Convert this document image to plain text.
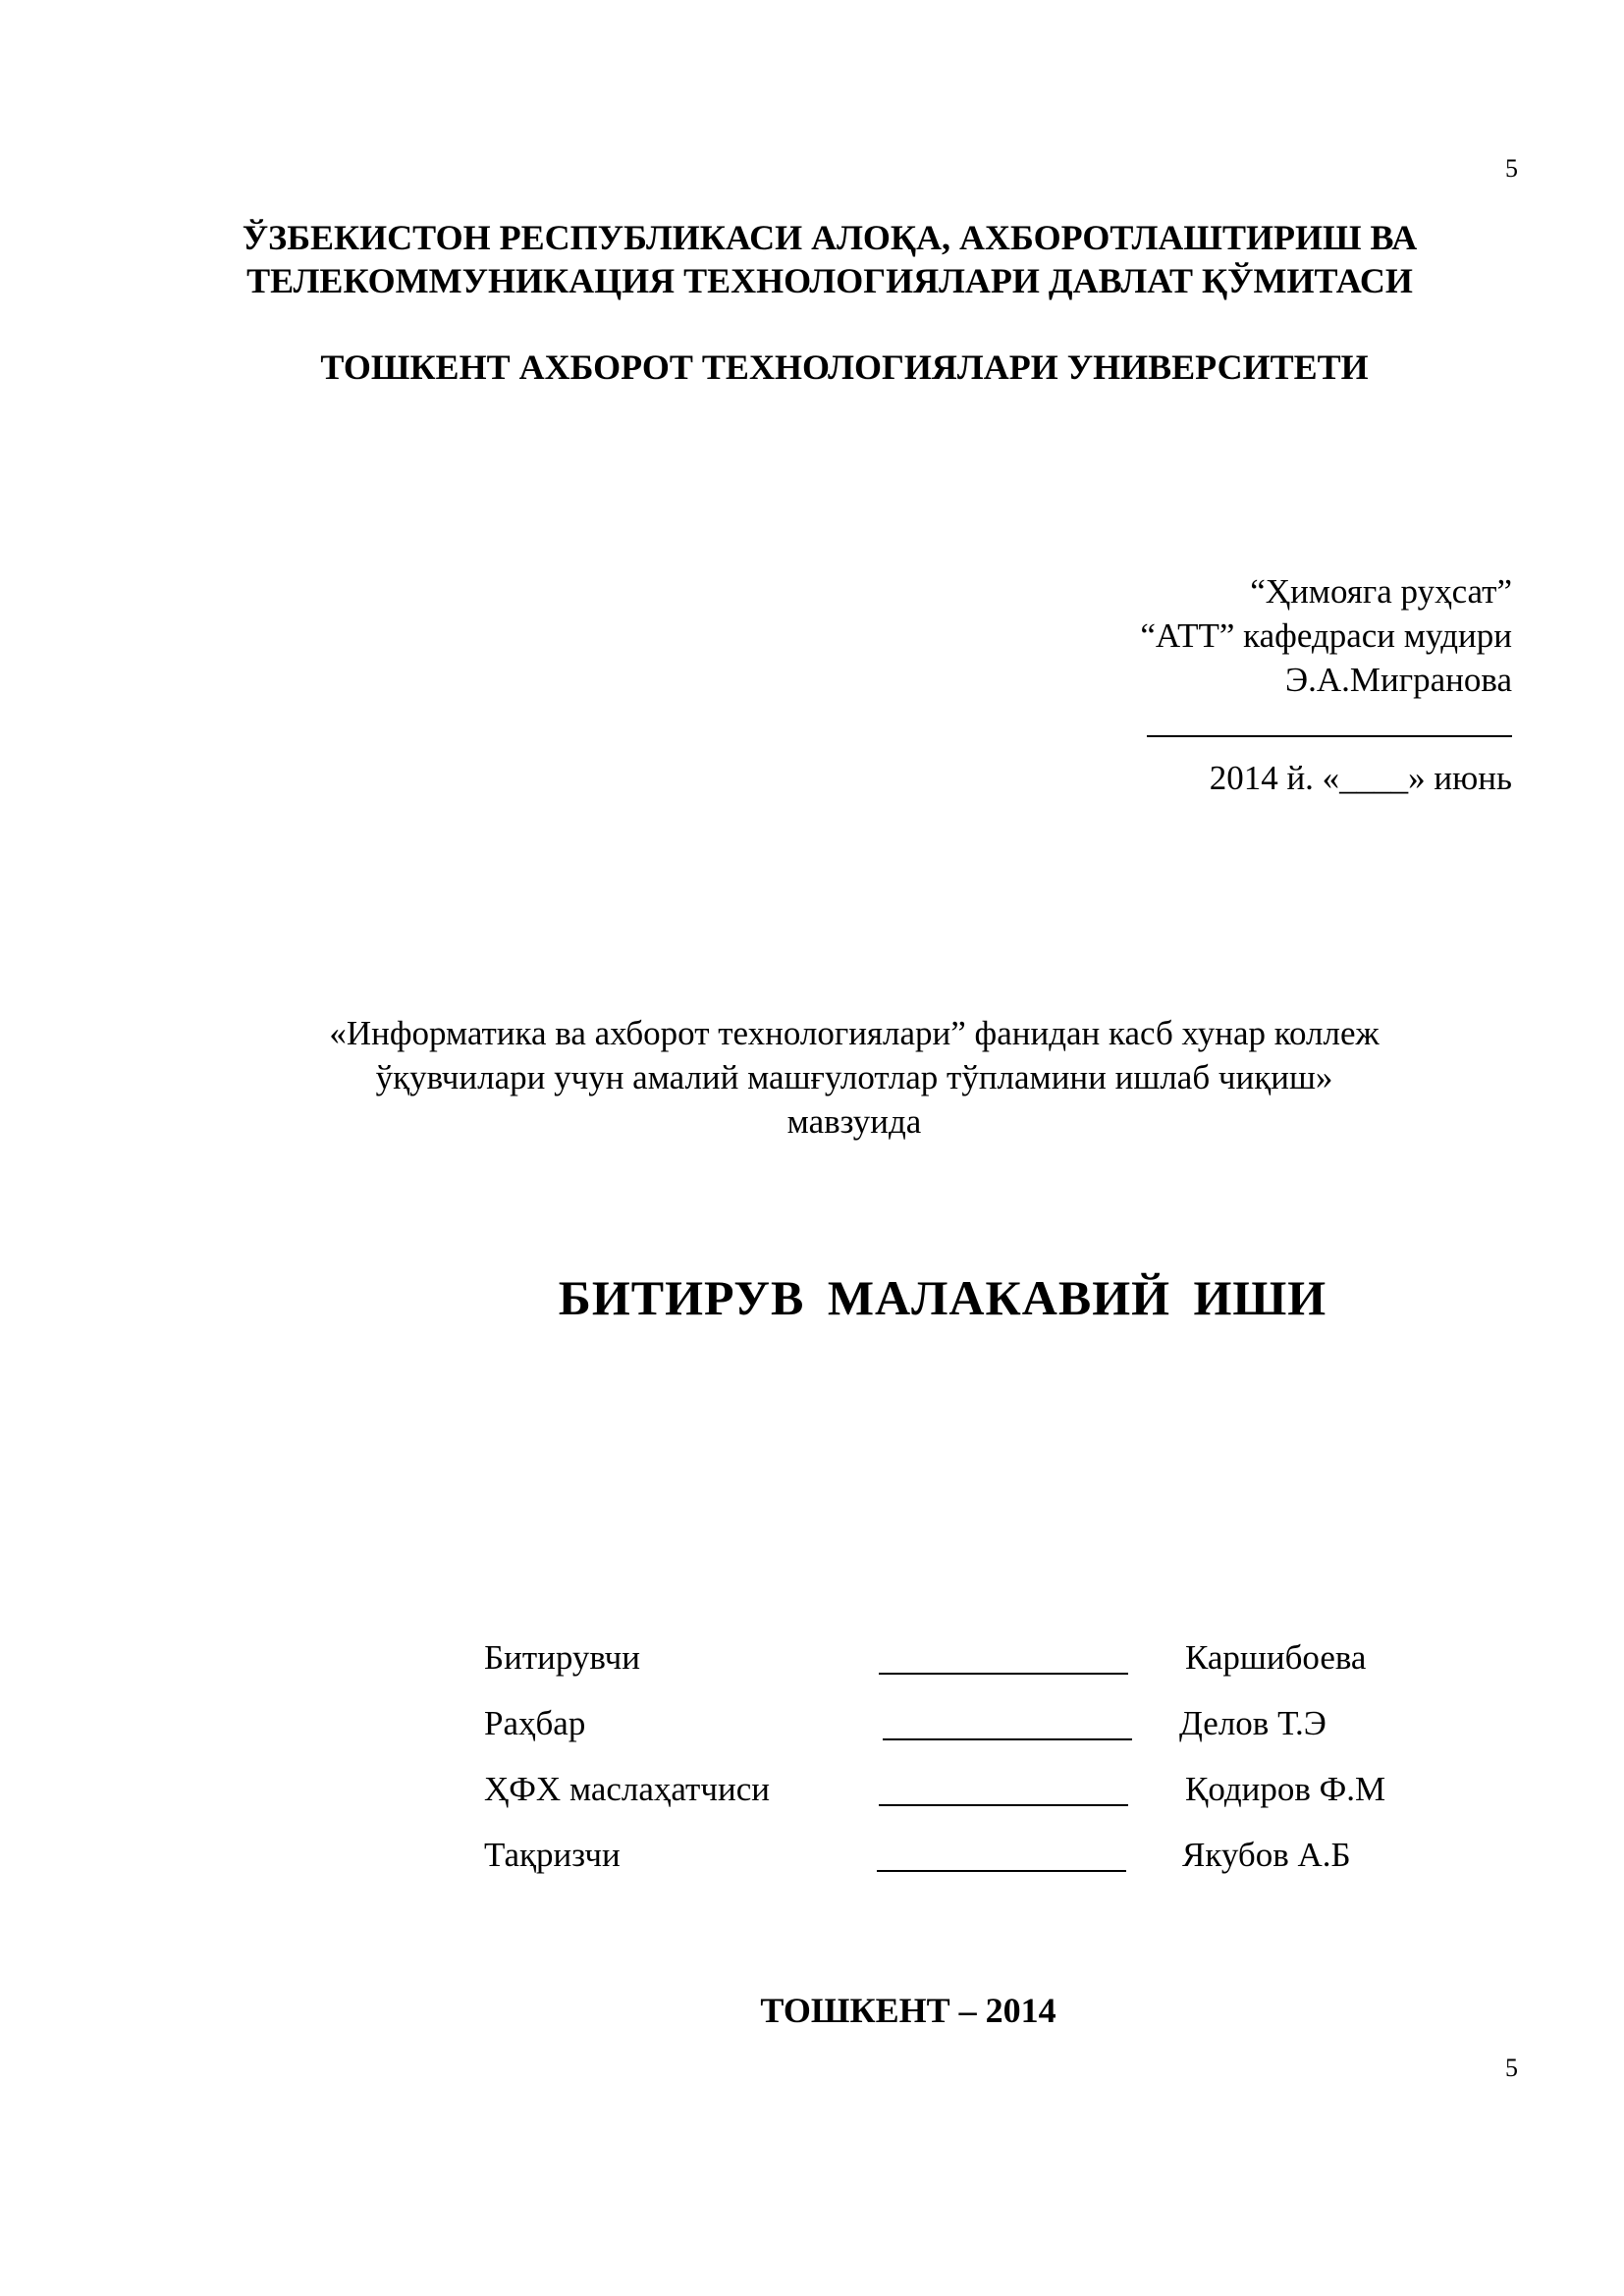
5
ЎЗБЕКИСТОН РЕСПУБЛИКАСИ АЛОҚА, АХБОРОТЛАШТИРИШ ВА
ТЕЛЕКОММУНИКАЦИЯ ТЕХНОЛОГИЯЛАРИ ДАВЛАТ ҚЎМИТАСИ
ТОШКЕНТ АХБОРОТ ТЕХНОЛОГИЯЛАРИ УНИВЕРСИТЕТИ
“Ҳимояга руҳсат”
“АТТ” кафедраси мудири
Э.А.Мигранова
2014 й. «____» июнь
«Информатика ва ахборот технологиялари” фанидан касб хунар коллеж
ўқувчилари учун амалий машғулотлар тўпламини ишлаб чиқиш»
мавзуида
БИТИРУВ МАЛАКАВИЙ ИШИ
Битирувчи	Каршибоева
Раҳбар	Делов Т.Э
ҲФХ маслаҳатчиси	Қодиров Ф.М
Тақризчи	Якубов А.Б
ТОШКЕНТ – 2014
5
